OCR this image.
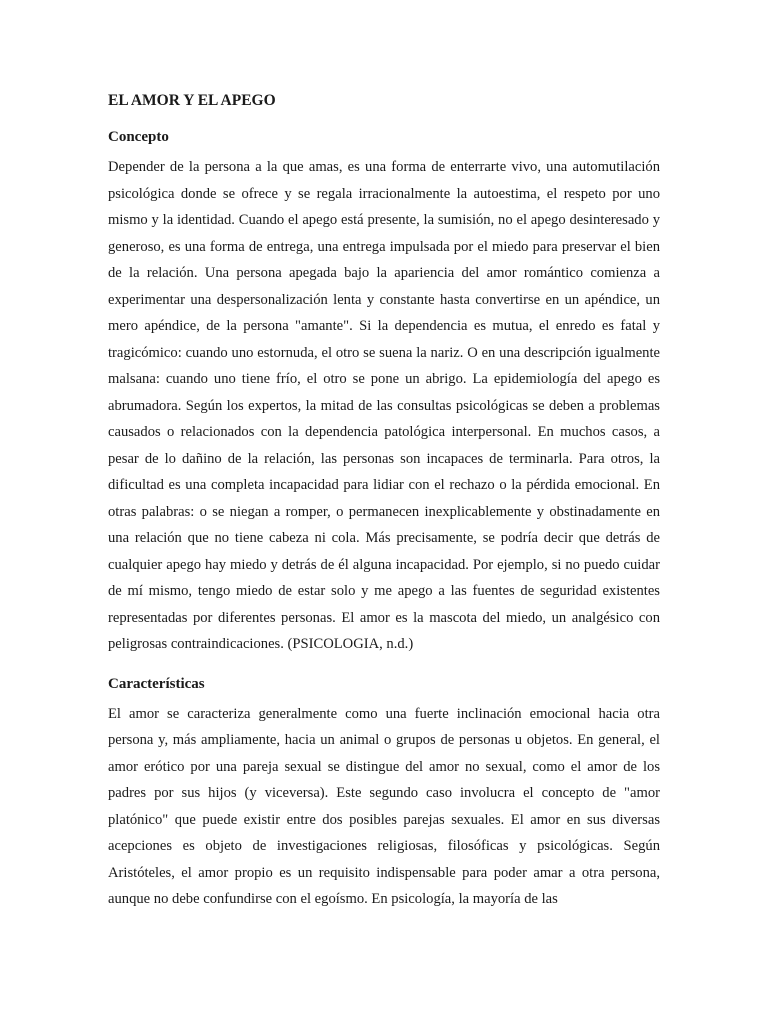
EL AMOR Y EL APEGO
Concepto

Depender de la persona a la que amas, es una forma de enterrarte vivo, una automutilación psicológica donde se ofrece y se regala irracionalmente la autoestima, el respeto por uno mismo y la identidad. Cuando el apego está presente, la sumisión, no el apego desinteresado y generoso, es una forma de entrega, una entrega impulsada por el miedo para preservar el bien de la relación. Una persona apegada bajo la apariencia del amor romántico comienza a experimentar una despersonalización lenta y constante hasta convertirse en un apéndice, un mero apéndice, de la persona "amante". Si la dependencia es mutua, el enredo es fatal y tragicómico: cuando uno estornuda, el otro se suena la nariz. O en una descripción igualmente malsana: cuando uno tiene frío, el otro se pone un abrigo. La epidemiología del apego es abrumadora. Según los expertos, la mitad de las consultas psicológicas se deben a problemas causados o relacionados con la dependencia patológica interpersonal. En muchos casos, a pesar de lo dañino de la relación, las personas son incapaces de terminarla. Para otros, la dificultad es una completa incapacidad para lidiar con el rechazo o la pérdida emocional. En otras palabras: o se niegan a romper, o permanecen inexplicablemente y obstinadamente en una relación que no tiene cabeza ni cola. Más precisamente, se podría decir que detrás de cualquier apego hay miedo y detrás de él alguna incapacidad. Por ejemplo, si no puedo cuidar de mí mismo, tengo miedo de estar solo y me apego a las fuentes de seguridad existentes representadas por diferentes personas. El amor es la mascota del miedo, un analgésico con peligrosas contraindicaciones. (PSICOLOGIA, n.d.)

Características

El amor se caracteriza generalmente como una fuerte inclinación emocional hacia otra persona y, más ampliamente, hacia un animal o grupos de personas u objetos. En general, el amor erótico por una pareja sexual se distingue del amor no sexual, como el amor de los padres por sus hijos (y viceversa). Este segundo caso involucra el concepto de "amor platónico" que puede existir entre dos posibles parejas sexuales. El amor en sus diversas acepciones es objeto de investigaciones religiosas, filosóficas y psicológicas. Según Aristóteles, el amor propio es un requisito indispensable para poder amar a otra persona, aunque no debe confundirse con el egoísmo. En psicología, la mayoría de las
